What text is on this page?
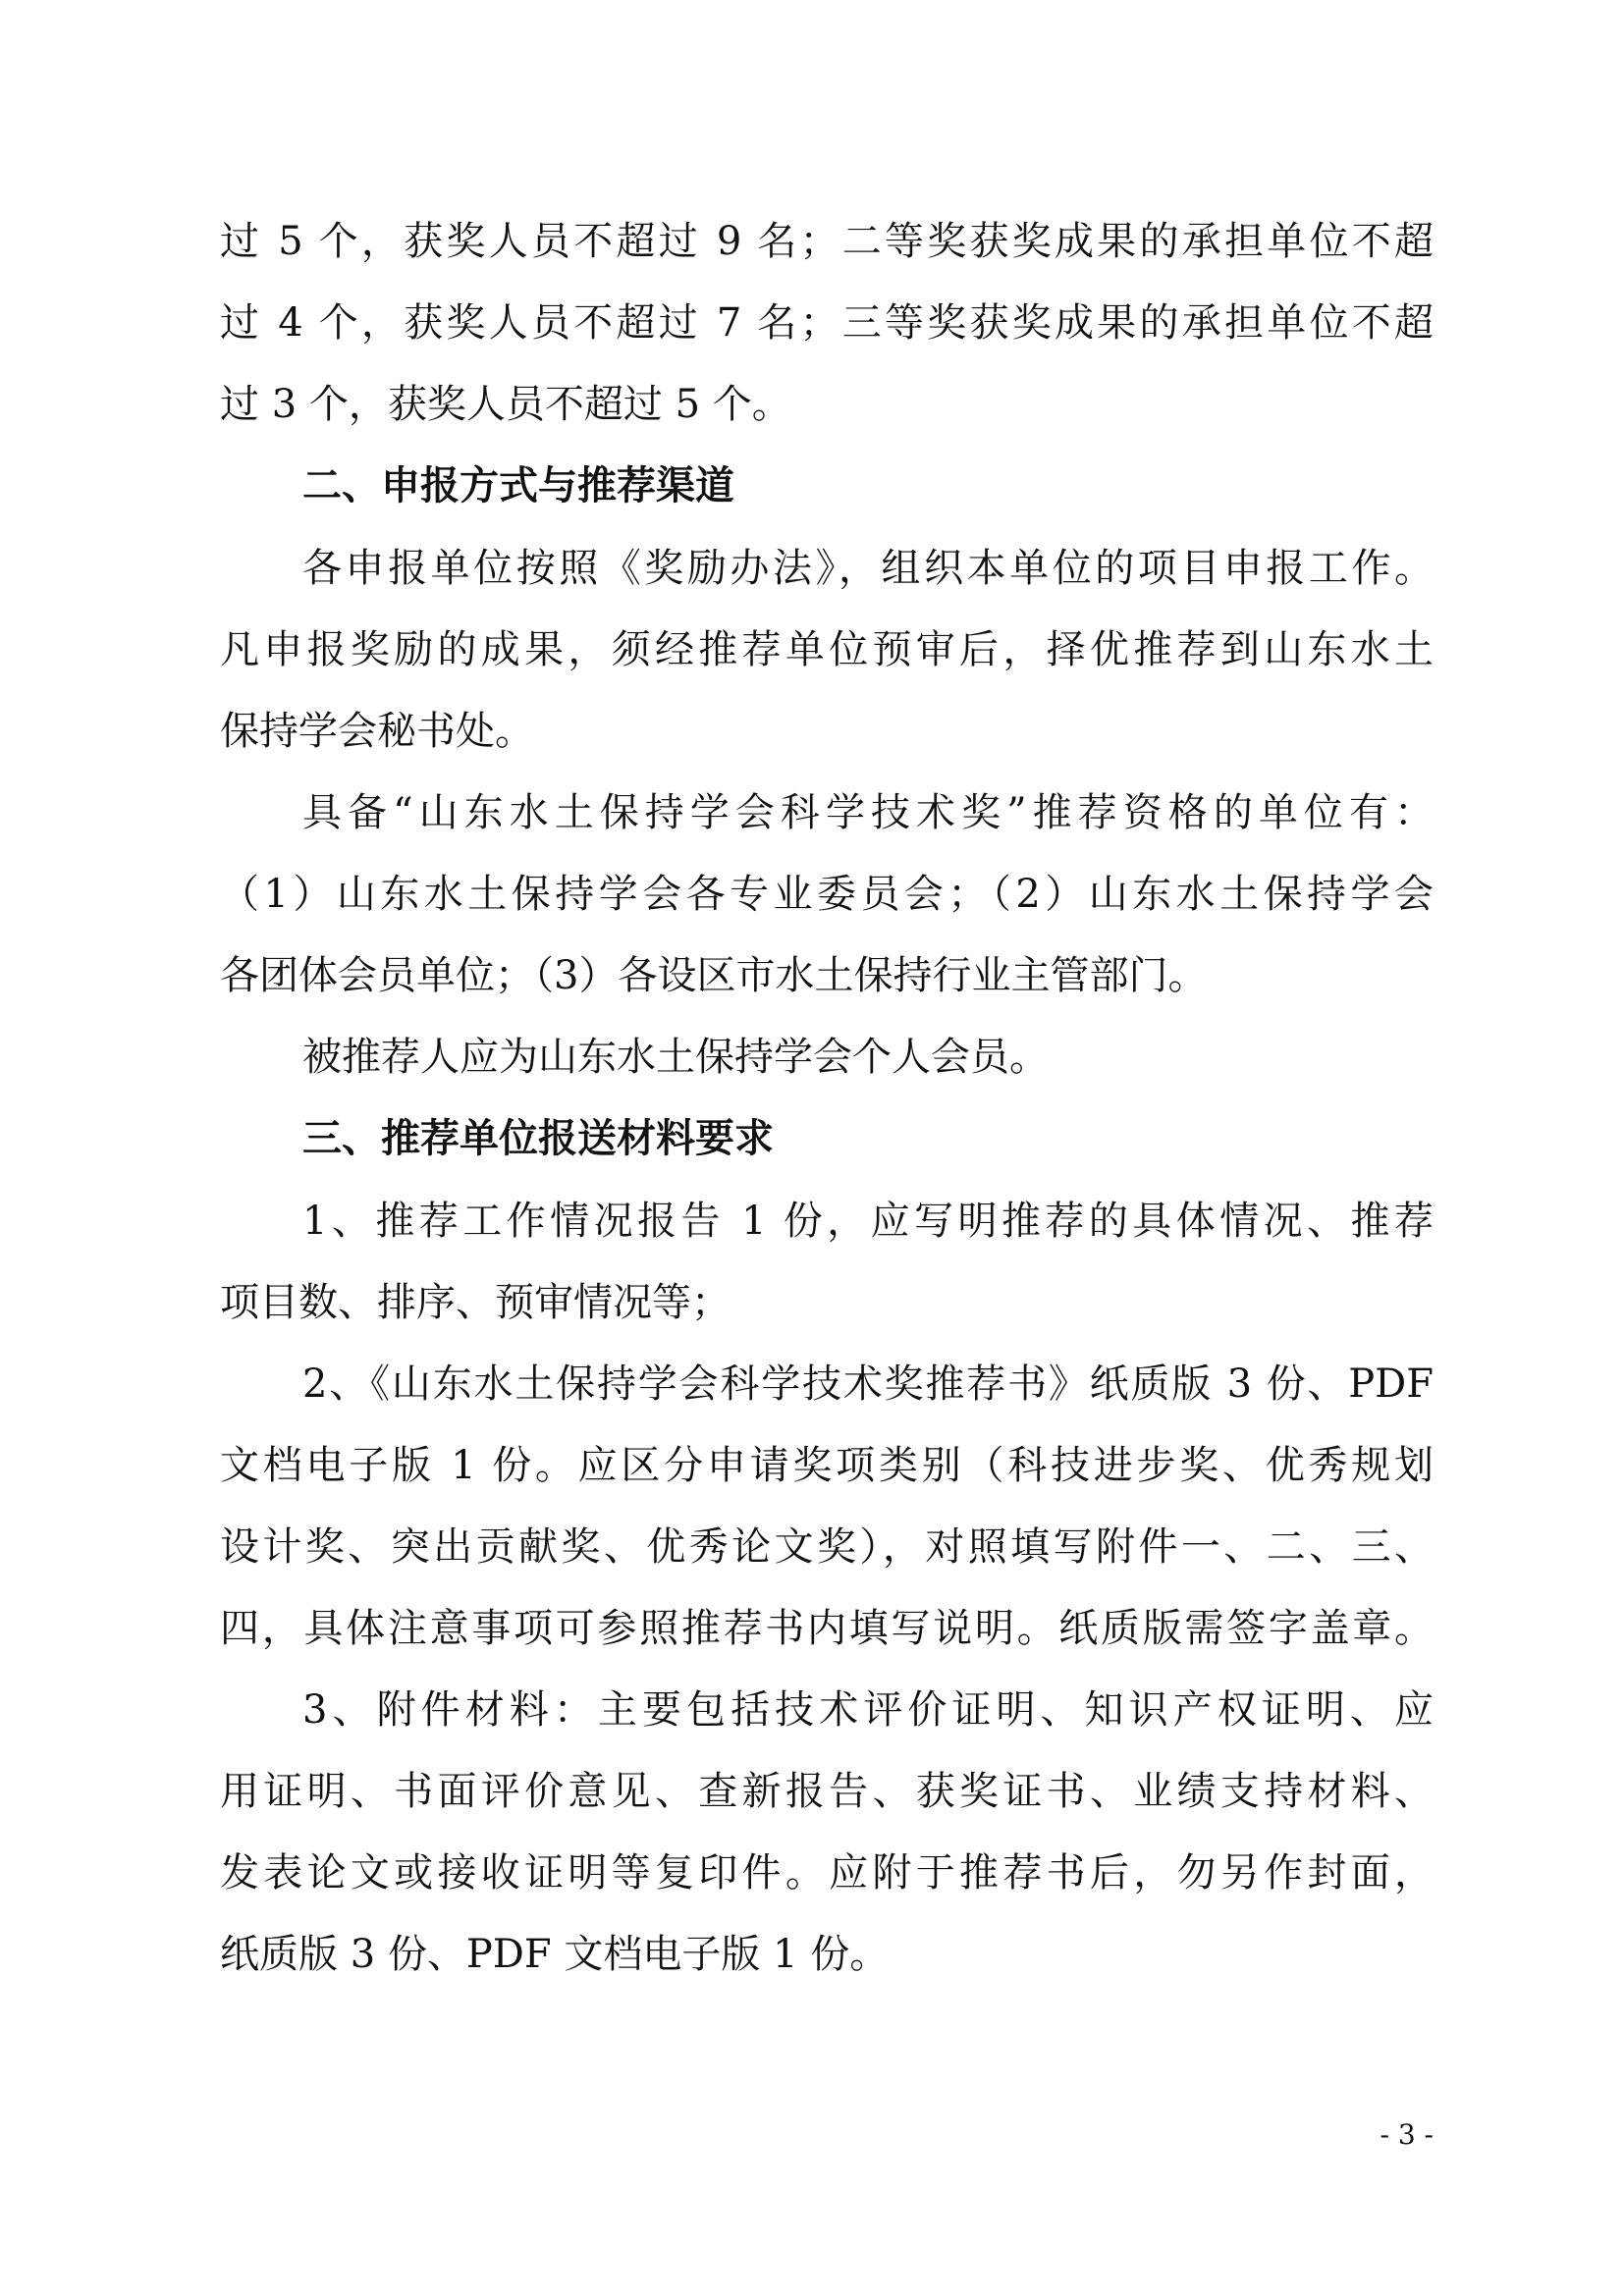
过 5 个，获奖人员不超过 9 名；二等奖获奖成果的承担单位不超
过 4 个，获奖人员不超过 7 名；三等奖获奖成果的承担单位不超
过 3 个，获奖人员不超过 5 个。
二、申报方式与推荐渠道
各申报单位按照《奖励办法》，组织本单位的项目申报工作。
凡申报奖励的成果，须经推荐单位预审后，择优推荐到山东水土
保持学会秘书处。
具备“山东水土保持学会科学技术奖”推荐资格的单位有：
（1）山东水土保持学会各专业委员会；（2）山东水土保持学会
各团体会员单位；（3）各设区市水土保持行业主管部门。
被推荐人应为山东水土保持学会个人会员。
三、推荐单位报送材料要求
1、推荐工作情况报告 1 份，应写明推荐的具体情况、推荐
项目数、排序、预审情况等；
2、《山东水土保持学会科学技术奖推荐书》纸质版 3 份、PDF
文档电子版 1 份。应区分申请奖项类别（科技进步奖、优秀规划
设计奖、突出贡献奖、优秀论文奖），对照填写附件一、二、三、
四，具体注意事项可参照推荐书内填写说明。纸质版需签字盖章。
3、附件材料：主要包括技术评价证明、知识产权证明、应
用证明、书面评价意见、查新报告、获奖证书、业绩支持材料、
发表论文或接收证明等复印件。应附于推荐书后，勿另作封面，
纸质版 3 份、PDF 文档电子版 1 份。
- 3 -
